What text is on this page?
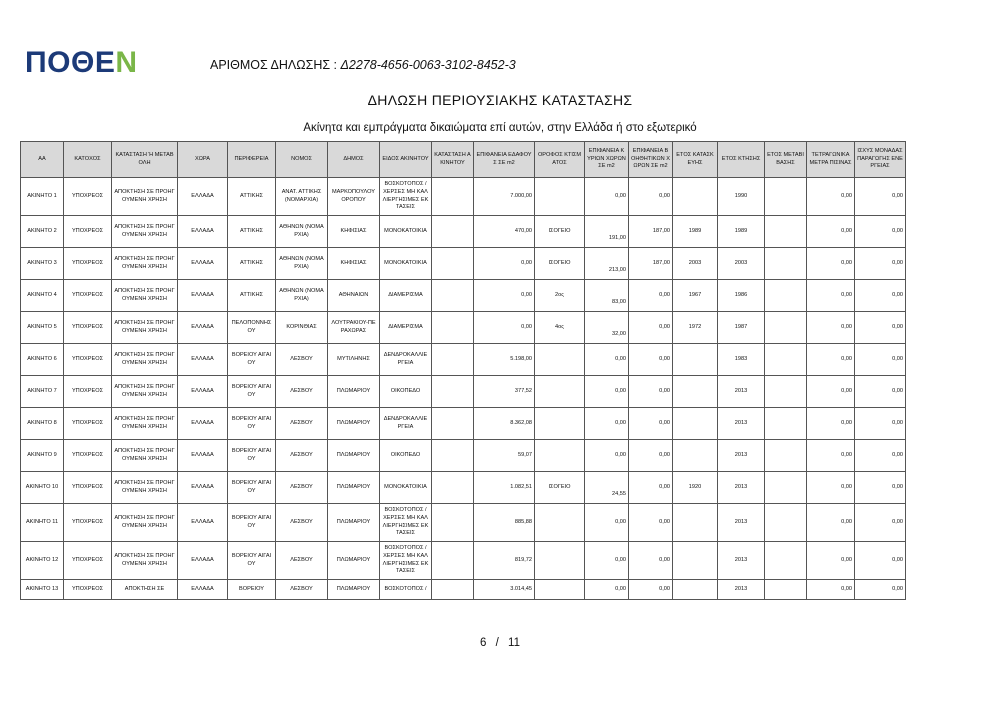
ΠΟΘΕΝ	ΑΡΙΘΜΟΣ ΔΗΛΩΣΗΣ : Δ2278-4656-0063-3102-8452-3
ΔΗΛΩΣΗ ΠΕΡΙΟΥΣΙΑΚΗΣ ΚΑΤΑΣΤΑΣΗΣ
Ακίνητα και εμπράγματα δικαιώματα επί αυτών, στην Ελλάδα ή στο εξωτερικό
ΑΑ	ΚΑΤΟΧΟΣ	ΚΑΤΑΣΤΑΣΗ Ή ΜΕΤΑΒΟΛΗ	ΧΩΡΑ	ΠΕΡΙΦΕΡΕΙΑ	ΝΟΜΟΣ	ΔΗΜΟΣ	ΕΙΔΟΣ ΑΚΙΝΗΤΟΥ	ΚΑΤΑΣΤΑΣΗ ΑΚΙΝΗΤΟΥ	ΕΠΙΦΑΝΕΙΑ ΕΔΑΦΟΥΣ ΣΕ m2	ΟΡΟΦΟΣ ΚΤΙΣΜΑΤΟΣ	ΕΠΙΦΑΝΕΙΑ ΚΥΡΙΩΝ ΧΩΡΩΝ ΣΕ m2	ΕΠΙΦΑΝΕΙΑ ΒΟΗΘΗΤΙΚΩΝ ΧΩΡΩΝ ΣΕ m2	ΕΤΟΣ ΚΑΤΑΣΚΕΥΗΣ	ΕΤΟΣ ΚΤΗΣΗΣ	ΕΤΟΣ ΜΕΤΑΒΙΒΑΣΗΣ	ΤΕΤΡΑΓΩΝΙΚΑ ΜΕΤΡΑ ΠΙΣΙΝΑΣ	ΙΣΧΥΣ ΜΟΝΑΔΑΣ ΠΑΡΑΓΩΓΗΣ ΕΝΕΡΓΕΙΑΣ
ΑΚΙΝΗΤΟ 1	ΥΠΟΧΡΕΟΣ	ΑΠΟΚΤΗΣΗ ΣΕ ΠΡΟΗΓΟΥΜΕΝΗ ΧΡΗΣΗ	ΕΛΛΑΔΑ	ΑΤΤΙΚΗΣ	ΑΝΑΤ. ΑΤΤΙΚΗΣ (ΝΟΜΑΡΧΙΑ)	ΜΑΡΚΟΠΟΥΛΟΥ ΟΡΟΠΟΥ	ΒΟΣΚΟΤΟΠΟΣ / ΧΕΡΣΕΣ ΜΗ ΚΑΛΛΙΕΡΓΗΣΙΜΕΣ ΕΚΤΑΣΕΙΣ		7.000,00		0,00	0,00		1990		0,00	0,00
ΑΚΙΝΗΤΟ 2	ΥΠΟΧΡΕΟΣ	ΑΠΟΚΤΗΣΗ ΣΕ ΠΡΟΗΓΟΥΜΕΝΗ ΧΡΗΣΗ	ΕΛΛΑΔΑ	ΑΤΤΙΚΗΣ	ΑΘΗΝΩΝ (ΝΟΜΑΡΧΙΑ)	ΚΗΦΙΣΙΑΣ	ΜΟΝΟΚΑΤΟΙΚΙΑ		470,00	ΙΣΟΓΕΙΟ	191,00	187,00	1989	1989		0,00	0,00
ΑΚΙΝΗΤΟ 3	ΥΠΟΧΡΕΟΣ	ΑΠΟΚΤΗΣΗ ΣΕ ΠΡΟΗΓΟΥΜΕΝΗ ΧΡΗΣΗ	ΕΛΛΑΔΑ	ΑΤΤΙΚΗΣ	ΑΘΗΝΩΝ (ΝΟΜΑΡΧΙΑ)	ΚΗΦΙΣΙΑΣ	ΜΟΝΟΚΑΤΟΙΚΙΑ		0,00	ΙΣΟΓΕΙΟ	213,00	187,00	2003	2003		0,00	0,00
ΑΚΙΝΗΤΟ 4	ΥΠΟΧΡΕΟΣ	ΑΠΟΚΤΗΣΗ ΣΕ ΠΡΟΗΓΟΥΜΕΝΗ ΧΡΗΣΗ	ΕΛΛΑΔΑ	ΑΤΤΙΚΗΣ	ΑΘΗΝΩΝ (ΝΟΜΑΡΧΙΑ)	ΑΘΗΝΑΙΩΝ	ΔΙΑΜΕΡΙΣΜΑ		0,00	2ος	83,00	0,00	1967	1986		0,00	0,00
ΑΚΙΝΗΤΟ 5	ΥΠΟΧΡΕΟΣ	ΑΠΟΚΤΗΣΗ ΣΕ ΠΡΟΗΓΟΥΜΕΝΗ ΧΡΗΣΗ	ΕΛΛΑΔΑ	ΠΕΛΟΠΟΝΝΗΣΟΥ	ΚΟΡΙΝΘΙΑΣ	ΛΟΥΤΡΑΚΙΟΥ-ΠΕΡΑΧΩΡΑΣ	ΔΙΑΜΕΡΙΣΜΑ		0,00	4ος	32,00	0,00	1972	1987		0,00	0,00
ΑΚΙΝΗΤΟ 6	ΥΠΟΧΡΕΟΣ	ΑΠΟΚΤΗΣΗ ΣΕ ΠΡΟΗΓΟΥΜΕΝΗ ΧΡΗΣΗ	ΕΛΛΑΔΑ	ΒΟΡΕΙΟΥ ΑΙΓΑΙΟΥ	ΛΕΣΒΟΥ	ΜΥΤΙΛΗΝΗΣ	ΔΕΝΔΡΟΚΑΛΛΙΕΡΓΕΙΑ		5.198,00		0,00	0,00		1983		0,00	0,00
ΑΚΙΝΗΤΟ 7	ΥΠΟΧΡΕΟΣ	ΑΠΟΚΤΗΣΗ ΣΕ ΠΡΟΗΓΟΥΜΕΝΗ ΧΡΗΣΗ	ΕΛΛΑΔΑ	ΒΟΡΕΙΟΥ ΑΙΓΑΙΟΥ	ΛΕΣΒΟΥ	ΠΛΩΜΑΡΙΟΥ	ΟΙΚΟΠΕΔΟ		377,52		0,00	0,00		2013		0,00	0,00
ΑΚΙΝΗΤΟ 8	ΥΠΟΧΡΕΟΣ	ΑΠΟΚΤΗΣΗ ΣΕ ΠΡΟΗΓΟΥΜΕΝΗ ΧΡΗΣΗ	ΕΛΛΑΔΑ	ΒΟΡΕΙΟΥ ΑΙΓΑΙΟΥ	ΛΕΣΒΟΥ	ΠΛΩΜΑΡΙΟΥ	ΔΕΝΔΡΟΚΑΛΛΙΕΡΓΕΙΑ		8.362,08		0,00	0,00		2013		0,00	0,00
ΑΚΙΝΗΤΟ 9	ΥΠΟΧΡΕΟΣ	ΑΠΟΚΤΗΣΗ ΣΕ ΠΡΟΗΓΟΥΜΕΝΗ ΧΡΗΣΗ	ΕΛΛΑΔΑ	ΒΟΡΕΙΟΥ ΑΙΓΑΙΟΥ	ΛΕΣΒΟΥ	ΠΛΩΜΑΡΙΟΥ	ΟΙΚΟΠΕΔΟ		59,07		0,00	0,00		2013		0,00	0,00
ΑΚΙΝΗΤΟ 10	ΥΠΟΧΡΕΟΣ	ΑΠΟΚΤΗΣΗ ΣΕ ΠΡΟΗΓΟΥΜΕΝΗ ΧΡΗΣΗ	ΕΛΛΑΔΑ	ΒΟΡΕΙΟΥ ΑΙΓΑΙΟΥ	ΛΕΣΒΟΥ	ΠΛΩΜΑΡΙΟΥ	ΜΟΝΟΚΑΤΟΙΚΙΑ		1.082,51	ΙΣΟΓΕΙΟ	24,55	0,00	1920	2013		0,00	0,00
ΑΚΙΝΗΤΟ 11	ΥΠΟΧΡΕΟΣ	ΑΠΟΚΤΗΣΗ ΣΕ ΠΡΟΗΓΟΥΜΕΝΗ ΧΡΗΣΗ	ΕΛΛΑΔΑ	ΒΟΡΕΙΟΥ ΑΙΓΑΙΟΥ	ΛΕΣΒΟΥ	ΠΛΩΜΑΡΙΟΥ	ΒΟΣΚΟΤΟΠΟΣ / ΧΕΡΣΕΣ ΜΗ ΚΑΛΛΙΕΡΓΗΣΙΜΕΣ ΕΚΤΑΣΕΙΣ		885,88		0,00	0,00		2013		0,00	0,00
ΑΚΙΝΗΤΟ 12	ΥΠΟΧΡΕΟΣ	ΑΠΟΚΤΗΣΗ ΣΕ ΠΡΟΗΓΟΥΜΕΝΗ ΧΡΗΣΗ	ΕΛΛΑΔΑ	ΒΟΡΕΙΟΥ ΑΙΓΑΙΟΥ	ΛΕΣΒΟΥ	ΠΛΩΜΑΡΙΟΥ	ΒΟΣΚΟΤΟΠΟΣ / ΧΕΡΣΕΣ ΜΗ ΚΑΛΛΙΕΡΓΗΣΙΜΕΣ ΕΚΤΑΣΕΙΣ		819,72		0,00	0,00		2013		0,00	0,00
ΑΚΙΝΗΤΟ 13	ΥΠΟΧΡΕΟΣ	ΑΠΟΚΤΗΣΗ ΣΕ	ΕΛΛΑΔΑ	ΒΟΡΕΙΟΥ	ΛΕΣΒΟΥ	ΠΛΩΜΑΡΙΟΥ	ΒΟΣΚΟΤΟΠΟΣ /		3.014,45		0,00	0,00		2013		0,00	0,00
6 / 11
